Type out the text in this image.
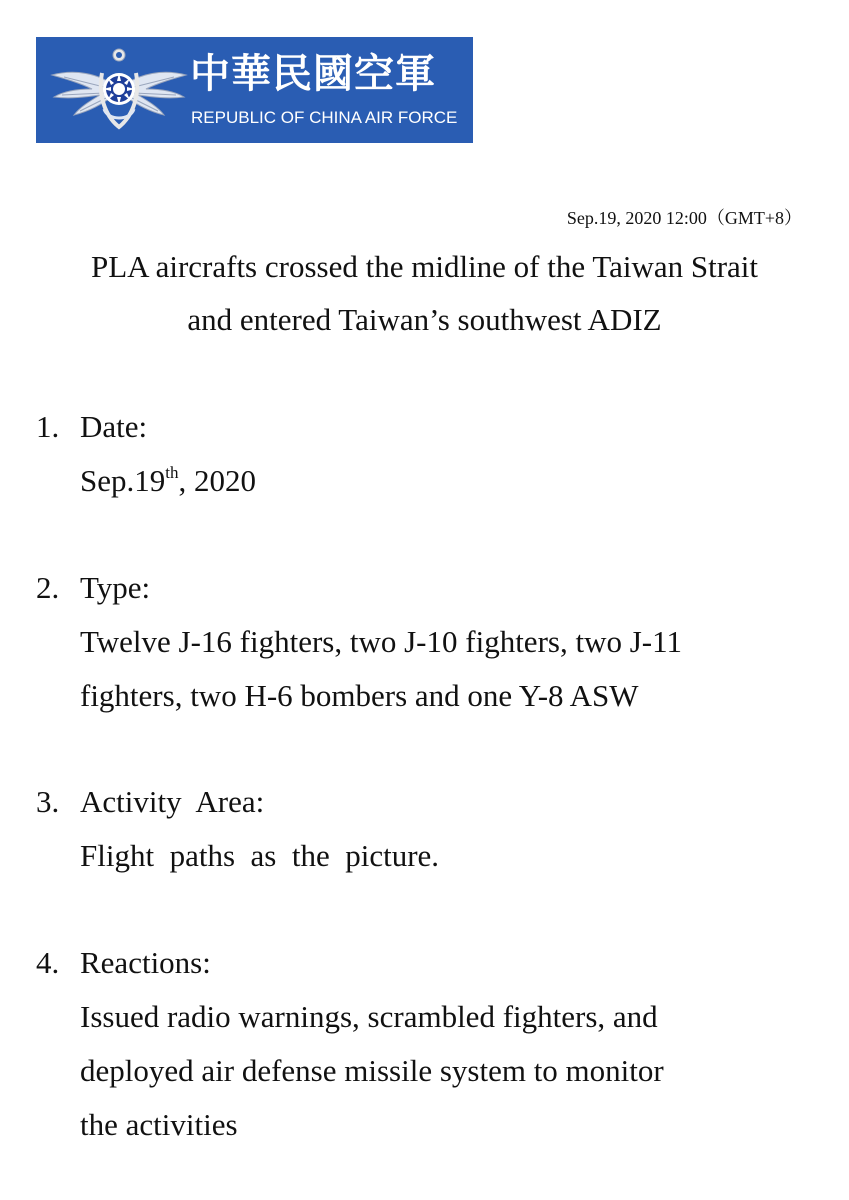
中華民國空軍
REPUBLIC OF CHINA AIR FORCE
Sep.19, 2020 12:00（GMT+8）
PLA aircrafts crossed the midline of the Taiwan Strait
and entered Taiwan’s southwest ADIZ
1. Date:
Sep.19th, 2020
2. Type:
Twelve J-16 fighters, two J-10 fighters, two J-11
fighters, two H-6 bombers and one Y-8 ASW
3. Activity  Area:
Flight  paths  as  the  picture.
4. Reactions:
Issued radio warnings, scrambled fighters, and
deployed air defense missile system to monitor
the activities
